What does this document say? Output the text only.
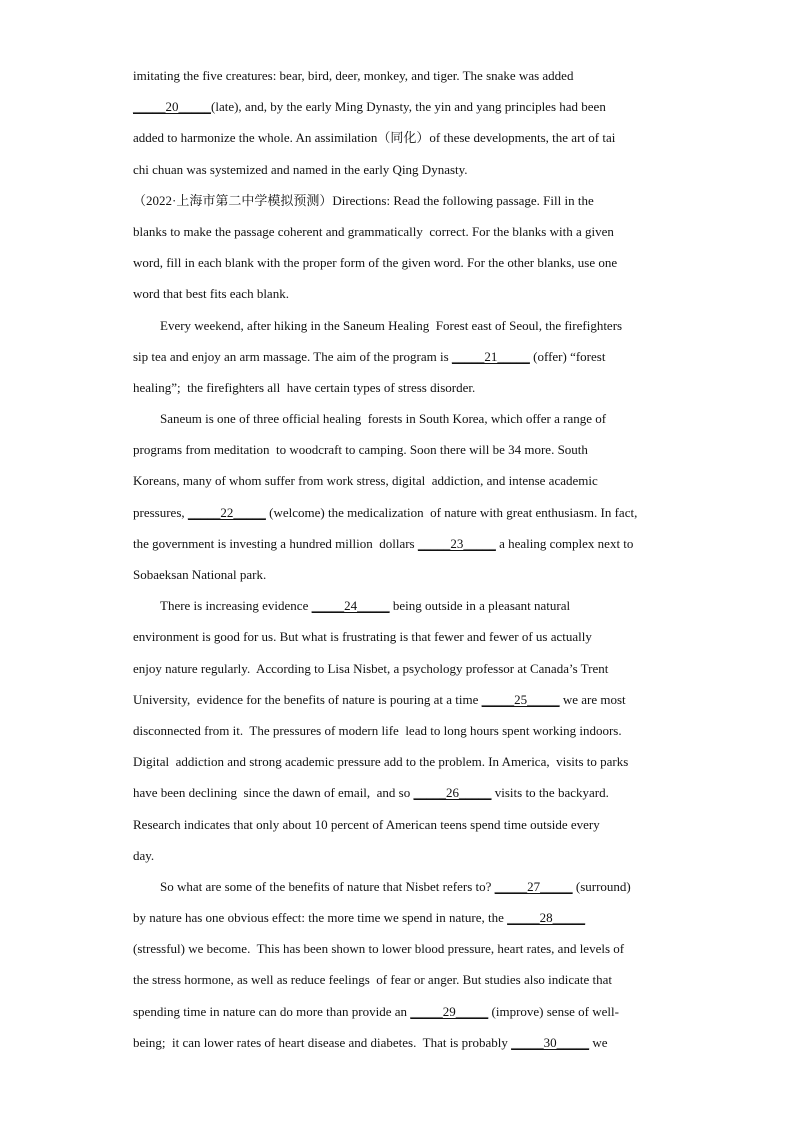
imitating the five creatures: bear, bird, deer, monkey, and tiger. The snake was added
_____20_____(late), and, by the early Ming Dynasty, the yin and yang principles had been
added to harmonize the whole. An assimilation（同化）of these developments, the art of tai
chi chuan was systemized and named in the early Qing Dynasty.
（2022·上海市第二中学模拟预测）Directions: Read the following passage. Fill in the
blanks to make the passage coherent and grammatically  correct. For the blanks with a given
word, fill in each blank with the proper form of the given word. For the other blanks, use one
word that best fits each blank.
Every weekend, after hiking in the Saneum Healing  Forest east of Seoul, the firefighters
sip tea and enjoy an arm massage. The aim of the program is _____21_____ (offer) “forest
healing”;  the firefighters all  have certain types of stress disorder.
Saneum is one of three official healing  forests in South Korea, which offer a range of
programs from meditation  to woodcraft to camping. Soon there will be 34 more. South
Koreans, many of whom suffer from work stress, digital  addiction, and intense academic
pressures, _____22_____ (welcome) the medicalization  of nature with great enthusiasm. In fact,
the government is investing a hundred million  dollars _____23_____ a healing complex next to
Sobaeksan National park.
There is increasing evidence _____24_____ being outside in a pleasant natural
environment is good for us. But what is frustrating is that fewer and fewer of us actually
enjoy nature regularly.  According to Lisa Nisbet, a psychology professor at Canada’s Trent
University,  evidence for the benefits of nature is pouring at a time _____25_____ we are most
disconnected from it.  The pressures of modern life  lead to long hours spent working indoors.
Digital  addiction and strong academic pressure add to the problem. In America,  visits to parks
have been declining  since the dawn of email,  and so _____26_____ visits to the backyard.
Research indicates that only about 10 percent of American teens spend time outside every
day.
So what are some of the benefits of nature that Nisbet refers to? _____27_____ (surround)
by nature has one obvious effect: the more time we spend in nature, the _____28_____
(stressful) we become.  This has been shown to lower blood pressure, heart rates, and levels of
the stress hormone, as well as reduce feelings  of fear or anger. But studies also indicate that
spending time in nature can do more than provide an _____29_____ (improve) sense of well-
being;  it can lower rates of heart disease and diabetes.  That is probably _____30_____ we
